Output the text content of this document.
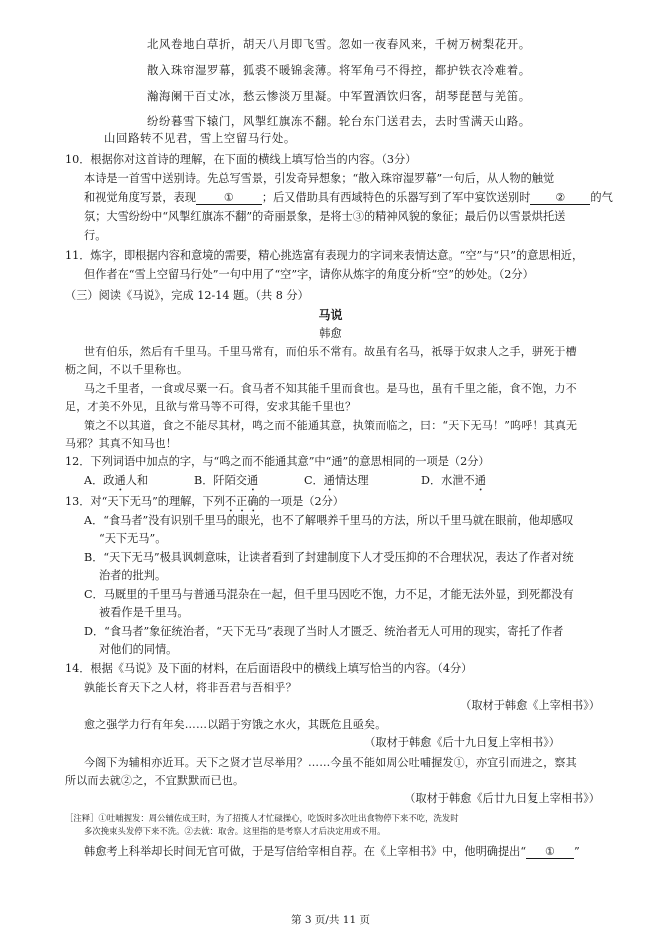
北风卷地白草折，胡天八月即飞雪。忽如一夜春风来，千树万树梨花开。
散入珠帘湿罗幕，狐裘不暖锦衾薄。将军角弓不得控，都护铁衣冷难着。
瀚海阑干百丈冰，愁云惨淡万里凝。中军置酒饮归客，胡琴琵琶与羌笛。
纷纷暮雪下辕门，风掣红旗冻不翻。轮台东门送君去，去时雪满天山路。
山回路转不见君，雪上空留马行处。
10．根据你对这首诗的理解，在下面的横线上填写恰当的内容。（3分）
本诗是一首雪中送别诗。先总写雪景，引发奇异想象；“散入珠帘湿罗幕”一句后，从人物的触觉
和视觉角度写景，表现 ① ；后又借助具有西域特色的乐器写到了军中宴饮送别时 ② 的气
氛；大雪纷纷中“风掣红旗冻不翻”的奇丽景象，是将士③的精神风貌的象征；最后仍以雪景烘托送
行。
11．炼字，即根据内容和意境的需要，精心挑选富有表现力的字词来表情达意。“空”与“只”的意思相近，
但作者在“雪上空留马行处”一句中用了“空”字，请你从炼字的角度分析“空”的妙处。（2分）
（三）阅读《马说》，完成 12-14 题。（共 8 分）
马说
韩愈
世有伯乐，然后有千里马。千里马常有，而伯乐不常有。故虽有名马，祇辱于奴隶人之手，骈死于槽
枥之间，不以千里称也。
马之千里者，一食或尽粟一石。食马者不知其能千里而食也。是马也，虽有千里之能，食不饱，力不
足，才美不外见，且欲与常马等不可得，安求其能千里也？
策之不以其道，食之不能尽其材，鸣之而不能通其意，执策而临之，曰：“天下无马！”呜呼！其真无
马邪？其真不知马也！
12．下列词语中加点的字，与“鸣之而不能通其意”中“通”的意思相同的一项是（2分）
A．政通人和	B．阡陌交通	C．通情达理	D．水泄不通
13．对“天下无马”的理解，下列不正确的一项是（2分）
A．“食马者”没有识别千里马的眼光，也不了解喂养千里马的方法，所以千里马就在眼前，他却感叹
“天下无马”。
B．“天下无马”极具讽刺意味，让读者看到了封建制度下人才受压抑的不合理状况，表达了作者对统
治者的批判。
C．马厩里的千里马与普通马混杂在一起，但千里马因吃不饱，力不足，才能无法外显，到死都没有
被看作是千里马。
D．“食马者”象征统治者，“天下无马”表现了当时人才匮乏、统治者无人可用的现实，寄托了作者
对他们的同情。
14．根据《马说》及下面的材料，在后面语段中的横线上填写恰当的内容。（4分）
孰能长育天下之人材，将非吾君与吾相乎？
（取材于韩愈《上宰相书》）
愈之强学力行有年矣……以蹈于穷饿之水火，其既危且亟矣。
（取材于韩愈《后十九日复上宰相书》）
今阁下为辅相亦近耳。天下之贤才岂尽举用？……今虽不能如周公吐哺握发①，亦宜引而进之，察其
所以而去就②之，不宜默默而已也。
（取材于韩愈《后廿九日复上宰相书》）
［注释］①吐哺握发：周公辅佐成王时，为了招揽人才忙碌操心，吃饭时多次吐出食物停下来不吃，洗发时
多次挽束头发停下来不洗。②去就：取舍。这里指的是考察人才后决定用或不用。
韩愈考上科举却长时间无官可做，于是写信给宰相自荐。在《上宰相书》中，他明确提出“ ① ”
第 3 页/共 11 页
